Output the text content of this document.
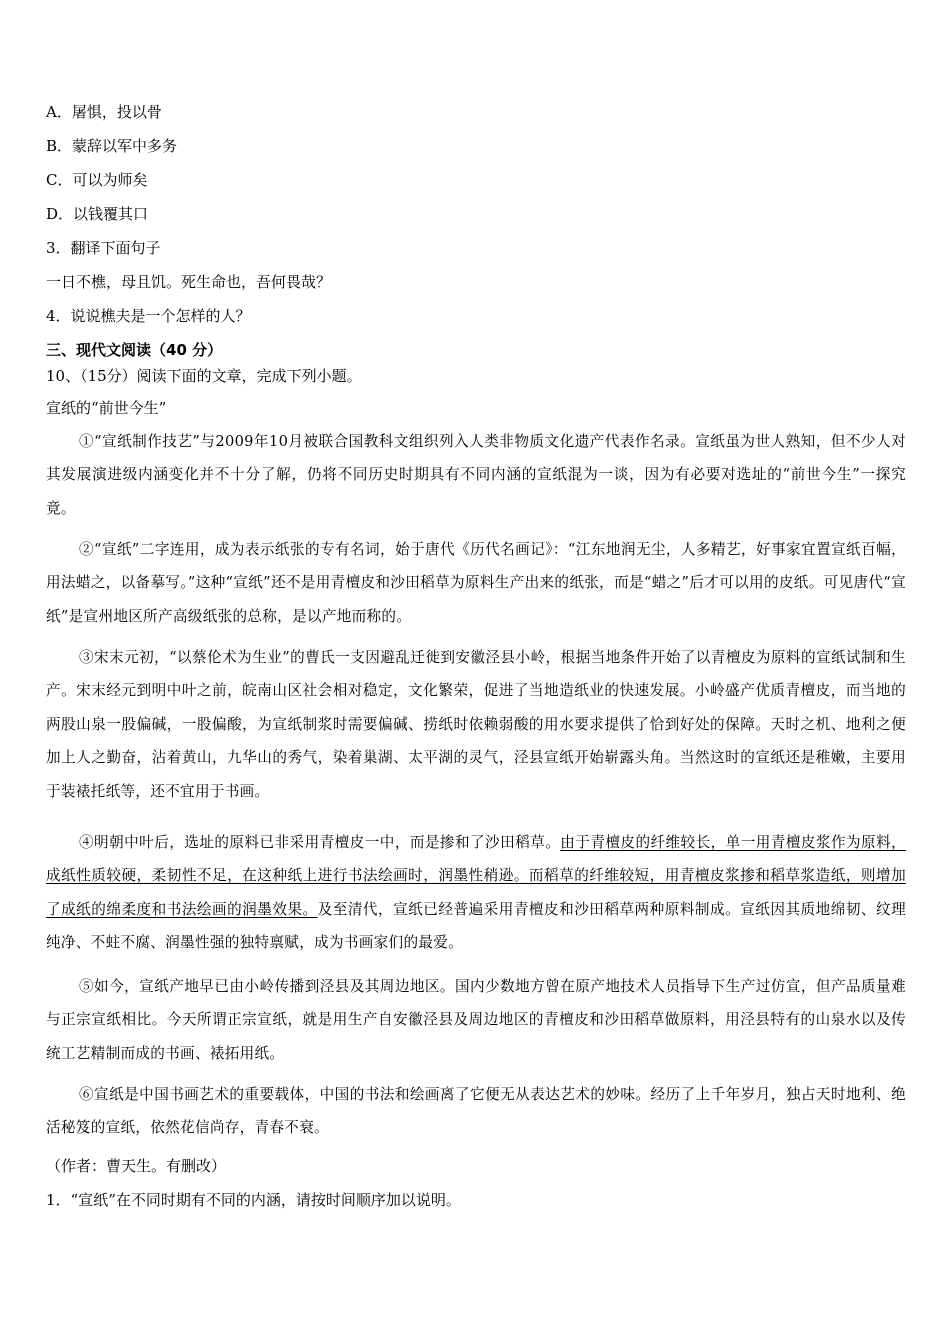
A．屠惧，投以骨
B．蒙辞以军中多务
C．可以为师矣
D．以钱覆其口
3．翻译下面句子
一日不樵，母且饥。死生命也，吾何畏哉？
4．说说樵夫是一个怎样的人？
三、现代文阅读（40 分）
10、（15分）阅读下面的文章，完成下列小题。
宣纸的“前世今生”
①“宣纸制作技艺”与2009年10月被联合国教科文组织列入人类非物质文化遗产代表作名录。宣纸虽为世人熟知，但不少人对其发展演进级内涵变化并不十分了解，仍将不同历史时期具有不同内涵的宣纸混为一谈，因为有必要对选址的“前世今生”一探究竟。
②“宣纸”二字连用，成为表示纸张的专有名词，始于唐代《历代名画记》：“江东地润无尘，人多精艺，好事家宜置宣纸百幅，用法蜡之，以备摹写。”这种“宣纸”还不是用青檀皮和沙田稻草为原料生产出来的纸张，而是“蜡之”后才可以用的皮纸。可见唐代“宣纸”是宣州地区所产高级纸张的总称，是以产地而称的。
③宋末元初，“以蔡伦术为生业”的曹氏一支因避乱迁徙到安徽泾县小岭，根据当地条件开始了以青檀皮为原料的宣纸试制和生产。宋末经元到明中叶之前，皖南山区社会相对稳定，文化繁荣，促进了当地造纸业的快速发展。小岭盛产优质青檀皮，而当地的两股山泉一股偏碱，一股偏酸，为宣纸制浆时需要偏碱、捞纸时依赖弱酸的用水要求提供了恰到好处的保障。天时之机、地利之便加上人之勤奋，沾着黄山，九华山的秀气，染着巢湖、太平湖的灵气，泾县宣纸开始崭露头角。当然这时的宣纸还是稚嫩，主要用于装裱托纸等，还不宜用于书画。
④明朝中叶后，选址的原料已非采用青檀皮一中，而是掺和了沙田稻草。由于青檀皮的纤维较长，单一用青檀皮浆作为原料，成纸性质较硬，柔韧性不足，在这种纸上进行书法绘画时，润墨性稍逊。而稻草的纤维较短，用青檀皮浆掺和稻草浆造纸，则增加了成纸的绵柔度和书法绘画的润墨效果。及至清代，宣纸已经普遍采用青檀皮和沙田稻草两种原料制成。宣纸因其质地绵韧、纹理纯净、不蛀不腐、润墨性强的独特禀赋，成为书画家们的最爱。
⑤如今，宣纸产地早已由小岭传播到泾县及其周边地区。国内少数地方曾在原产地技术人员指导下生产过仿宣，但产品质量难与正宗宣纸相比。今天所谓正宗宣纸，就是用生产自安徽泾县及周边地区的青檀皮和沙田稻草做原料，用泾县特有的山泉水以及传统工艺精制而成的书画、裱拓用纸。
⑥宣纸是中国书画艺术的重要载体，中国的书法和绘画离了它便无从表达艺术的妙味。经历了上千年岁月，独占天时地利、绝活秘笈的宣纸，依然花信尚存，青春不衰。
（作者：曹天生。有删改）
1．“宣纸”在不同时期有不同的内涵，请按时间顺序加以说明。
